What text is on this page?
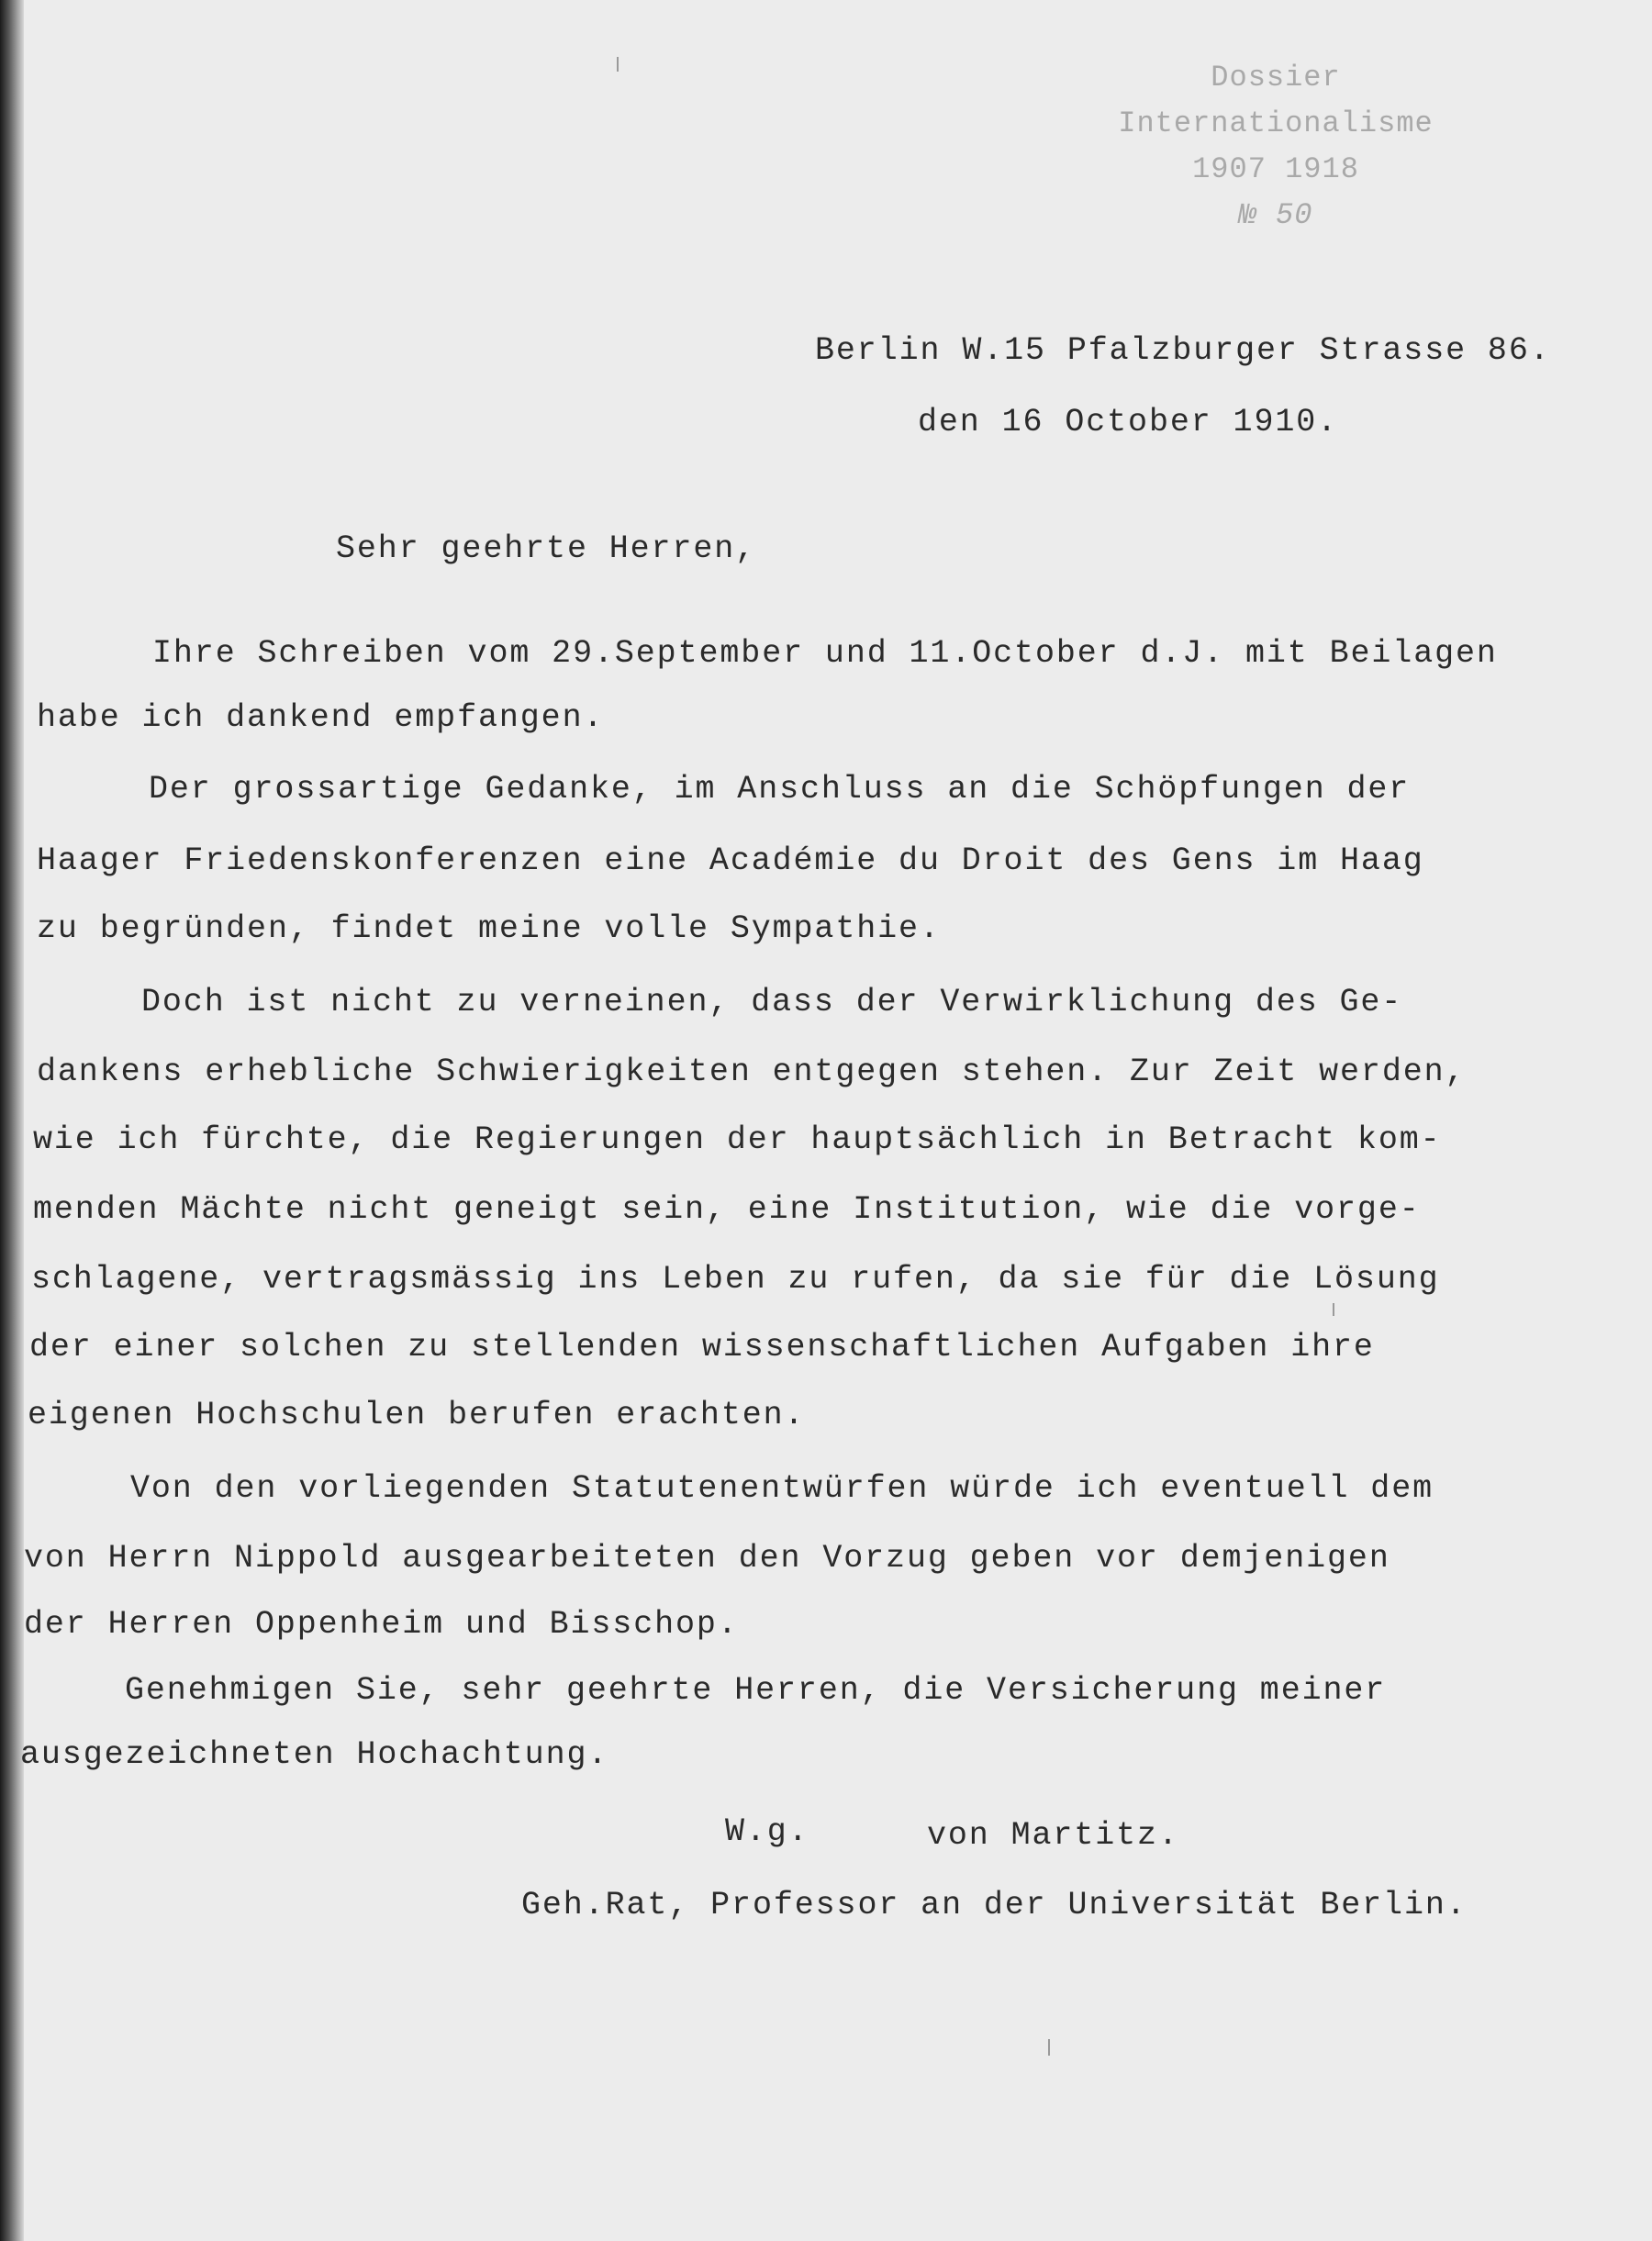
Dossier
Internationalisme
1907 1918
№ 50
Berlin W.15 Pfalzburger Strasse 86.
den 16 October 1910.
Sehr geehrte Herren,
Ihre Schreiben vom 29.September und 11.October d.J. mit Beilagen
habe ich dankend empfangen.
Der grossartige Gedanke, im Anschluss an die Schöpfungen der
Haager Friedenskonferenzen eine Académie du Droit des Gens im Haag
zu begründen, findet meine volle Sympathie.
Doch ist nicht zu verneinen, dass der Verwirklichung des Ge-
dankens erhebliche Schwierigkeiten entgegen stehen. Zur Zeit werden,
wie ich fürchte, die Regierungen der hauptsächlich in Betracht kom-
menden Mächte nicht geneigt sein, eine Institution, wie die vorge-
schlagene, vertragsmässig ins Leben zu rufen, da sie für die Lösung
der einer solchen zu stellenden wissenschaftlichen Aufgaben ihre
eigenen Hochschulen berufen erachten.
Von den vorliegenden Statutenentwürfen würde ich eventuell dem
von Herrn Nippold ausgearbeiteten den Vorzug geben vor demjenigen
der Herren Oppenheim und Bisschop.
Genehmigen Sie, sehr geehrte Herren, die Versicherung meiner
ausgezeichneten Hochachtung.
W.g.	von Martitz.
Geh.Rat, Professor an der Universität Berlin.
